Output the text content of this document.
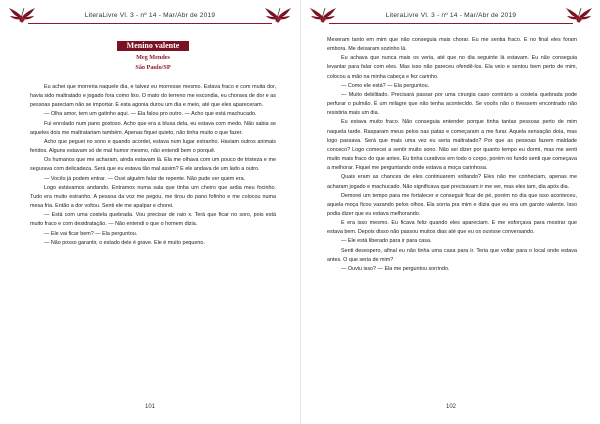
LiteraLivre Vl. 3 - nº 14 - Mar/Abr de 2019
Menino valente
Meg Mendes
São Paulo/SP

Eu achei que morreria naquele dia, e talvez eu morresse mesmo. Estava fraco e com muita dor, havia sido maltratado e jogado fora como lixo. O mato do terreno me escondia, eu chorava de dor e as pessoas pareciam não se importar. E esta agonia durou um dia e meio, até que eles apareceram.

— Olha amor, tem um gatinho aqui. — Ela falou pro outro. — Acho que está machucado.

Fui enrolado num pano gostoso. Acho que era a blusa dela, eu estava com medo. Não sabia se aqueles dois me maltratariam também. Apenas fiquei quieto, não tinha muito o que fazer.

Acho que peguei no sono e quando acordei, estava num lugar estranho. Haviam outros animais feridos. Alguns estavam só de mal humor mesmo, não entendi bem o porquê.

Os humanos que me acharam, ainda estavam lá. Ela me olhava com um pouco de tristeza e me segurava com delicadeza. Será que eu estava tão mal assim? E ele andava de um lado a outro.

— Vocês já podem entrar. — Ouvi alguém falar de repente. Não pude ver quem era.

Logo estávamos andando. Entramos numa sala que tinha um cheiro que ardia meu focinho. Tudo era muito estranho. A pessoa da voz me pegou, me tirou do pano fofinho e me colocou numa mesa fria. Então a dor voltou. Senti ele me apalpar e chorei.

— Está com uma costela quebrada. Vou precisar de raio x. Terá que ficar no soro, pois está muito fraco e com desidratação. — Não entendi o que o homem dizia.

— Ele vai ficar bem? — Ela perguntou.

— Não posso garantir, o estado dele é grave. Ele é muito pequeno.

101
LiteraLivre Vl. 3 - nº 14 - Mar/Abr de 2019

Mexeram tanto em mim que não conseguia mais chorar. Eu me sentia fraco. E no final eles foram embora. Me deixaram sozinho lá.

Eu achava que nunca mais os veria, até que no dia seguinte lá estavam. Eu não conseguia levantar para falar com eles. Mas isso não pareceu ofendê-los. Ela veio e sentou bem perto de mim, colocou a mão na minha cabeça e fez carinho.

— Como ele está? — Ela perguntou.

— Muito debilitado. Precisará passar por uma cirurgia caso contrário a costela quebrada pode perfurar o pulmão. É um milagre que não tenha acontecido. Se vocês não o tivessem encontrado não resistiria mais um dia.

Eu estava muito fraco. Não conseguia entender porque tinha tantas pessoas perto de mim naquela tarde. Rasparam meus pelos nas patas e começaram a me furar. Aquela sensação doía, mas logo passava. Será que mais uma vez eu seria maltratado? Por que as pessoas fazem maldade conosco? Logo comecei a sentir muito sono. Não sei dizer por quanto tempo eu dormi, mas me senti muito mais fraco do que antes. Eu tinha curativos em todo o corpo, porém no fundo senti que começava a melhorar. Fiquei me perguntando onde estava a moça carinhosa.

Quais eram as chances de eles continuarem voltando? Eles não me conheciam, apenas me acharam jogado e machucado. Não significava que precisavam ir me ver, mas eles iam, dia após dia.

Demorei um tempo para me fortalecer e conseguir ficar de pé, porém no dia que isso aconteceu, aquela moça ficou vazando pelos olhos. Ela sorria pra mim e dizia que eu era um garoto valente. Isso podia dizer que eu estava melhorando.

E era isso mesmo. Eu ficava feliz quando eles apareciam. E me esforçava para mostrar que estava bem. Depois disso não passou muitos dias até que eu os ouvisse conversando.

— Ele está liberado para ir para casa.

Senti desespero, afinal eu não tinha uma casa para ir. Teria que voltar para o local onde estava antes. O que seria de mim?

— Ouviu isso? — Ela me perguntou sorrindo.

102
